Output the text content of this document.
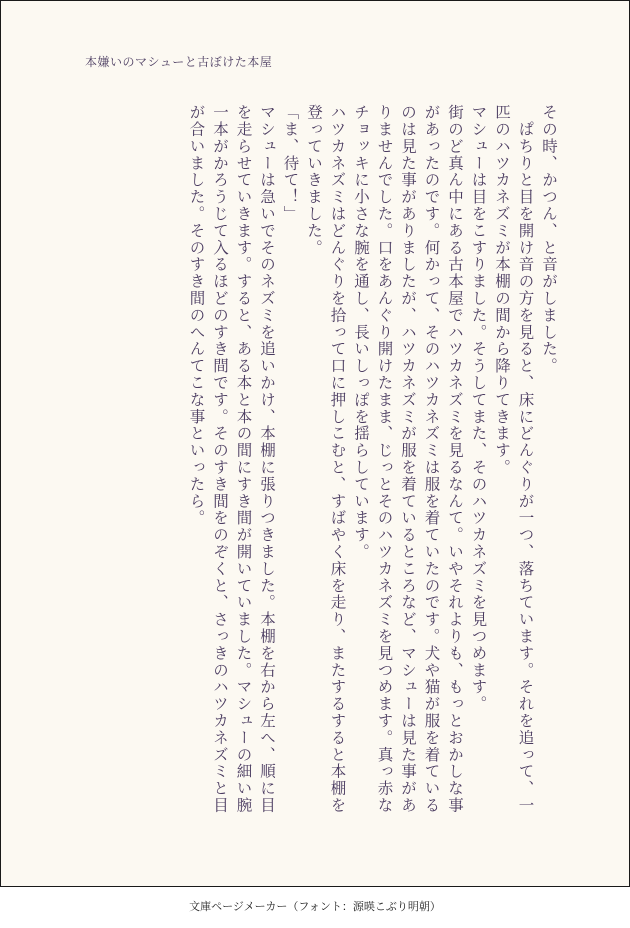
本嫌いのマシューと古ぼけた本屋

その時、かつん、と音がしました。

　ぱちりと目を開け音の方を見ると、床にどんぐりが一つ、落ちています。それを追って、一匹のハツカネズミが本棚の間から降りてきます。

マシューは目をこすりました。そうしてまた、そのハツカネズミを見つめます。

街のど真ん中にある古本屋でハツカネズミを見るなんて。いやそれよりも、もっとおかしな事があったのです。何かって、そのハツカネズミは服を着ていたのです。犬や猫が服を着ているのは見た事がありましたが、ハツカネズミが服を着ているところなど、マシューは見た事がありませんでした。口をあんぐり開けたまま、じっとそのハツカネズミを見つめます。真っ赤なチョッキに小さな腕を通し、長いしっぽを揺らしています。

ハツカネズミはどんぐりを拾って口に押しこむと、すばやく床を走り、またするすると本棚を登っていきました。

「ま、待て！」

マシューは急いでそのネズミを追いかけ、本棚に張りつきました。本棚を右から左へ、順に目を走らせていきます。すると、ある本と本の間にすき間が開いていました。マシューの細い腕一本がかろうじて入るほどのすき間です。そのすき間をのぞくと、さっきのハツカネズミと目が合いました。そのすき間のへんてこな事といったら。

文庫ページメーカー（フォント：源暎こぶり明朝）
